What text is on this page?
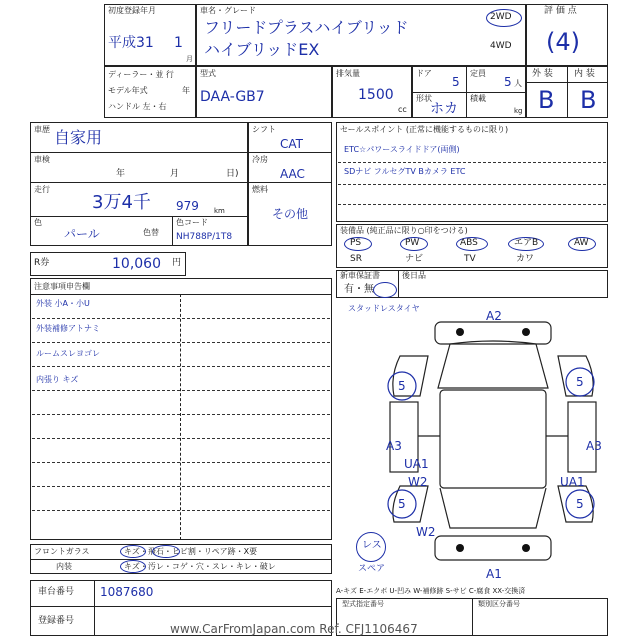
初度登録年月
平成31 1
月
車名・グレード
フリードプラスハイブリッド
ハイブリッドEX
2WD
4WD
評 価 点
(4)
ディーラー・並 行
モデル年式	年
ハンドル 左・右
型式
DAA-GB7
排気量
1500
cc
ドア
5
定員
5 人
形状
ホカ
積載
kg
外 装 内 装
B B
車歴 自家用
車検
年	月	日)
走行
3万4千 979 km
色
パール	色替
色コード
NH788P/1T8
R券	10,060 円
シフト
CAT
冷房
AAC
燃料
その他
セールスポイント (正常に機能するものに限り)
ETC☆パワースライドドア(両側)
SDナビ フルセグTV Bカメラ ETC
装備品 (純正品に限り○印をつける)
PS	PW	ABS	エアB	AW
SR	ナビ	TV	カワ
新車保証書
有・無
後日品
注意事項申告欄
外装 小A・小U
外装補修アトナミ
ルームスレヨゴレ
内張り キズ
スタッドレスタイヤ
A2
5	5
A3	A3
UA1
UA1
W2
5	5
W2
A1
レス
スペア
A-キズ E-エクボ U-凹み W-補修跡 S-サビ C-腐食 XX-交換済
フロントガラス	キズ・飛石・ヒビ割・リペア跡・X要
内装	キズ・汚レ・コゲ・穴・スレ・キレ・破レ
車台番号 1087680
登録番号
型式指定番号	類別区分番号
www.CarFromJapan.com Ref. CFJ1106467
